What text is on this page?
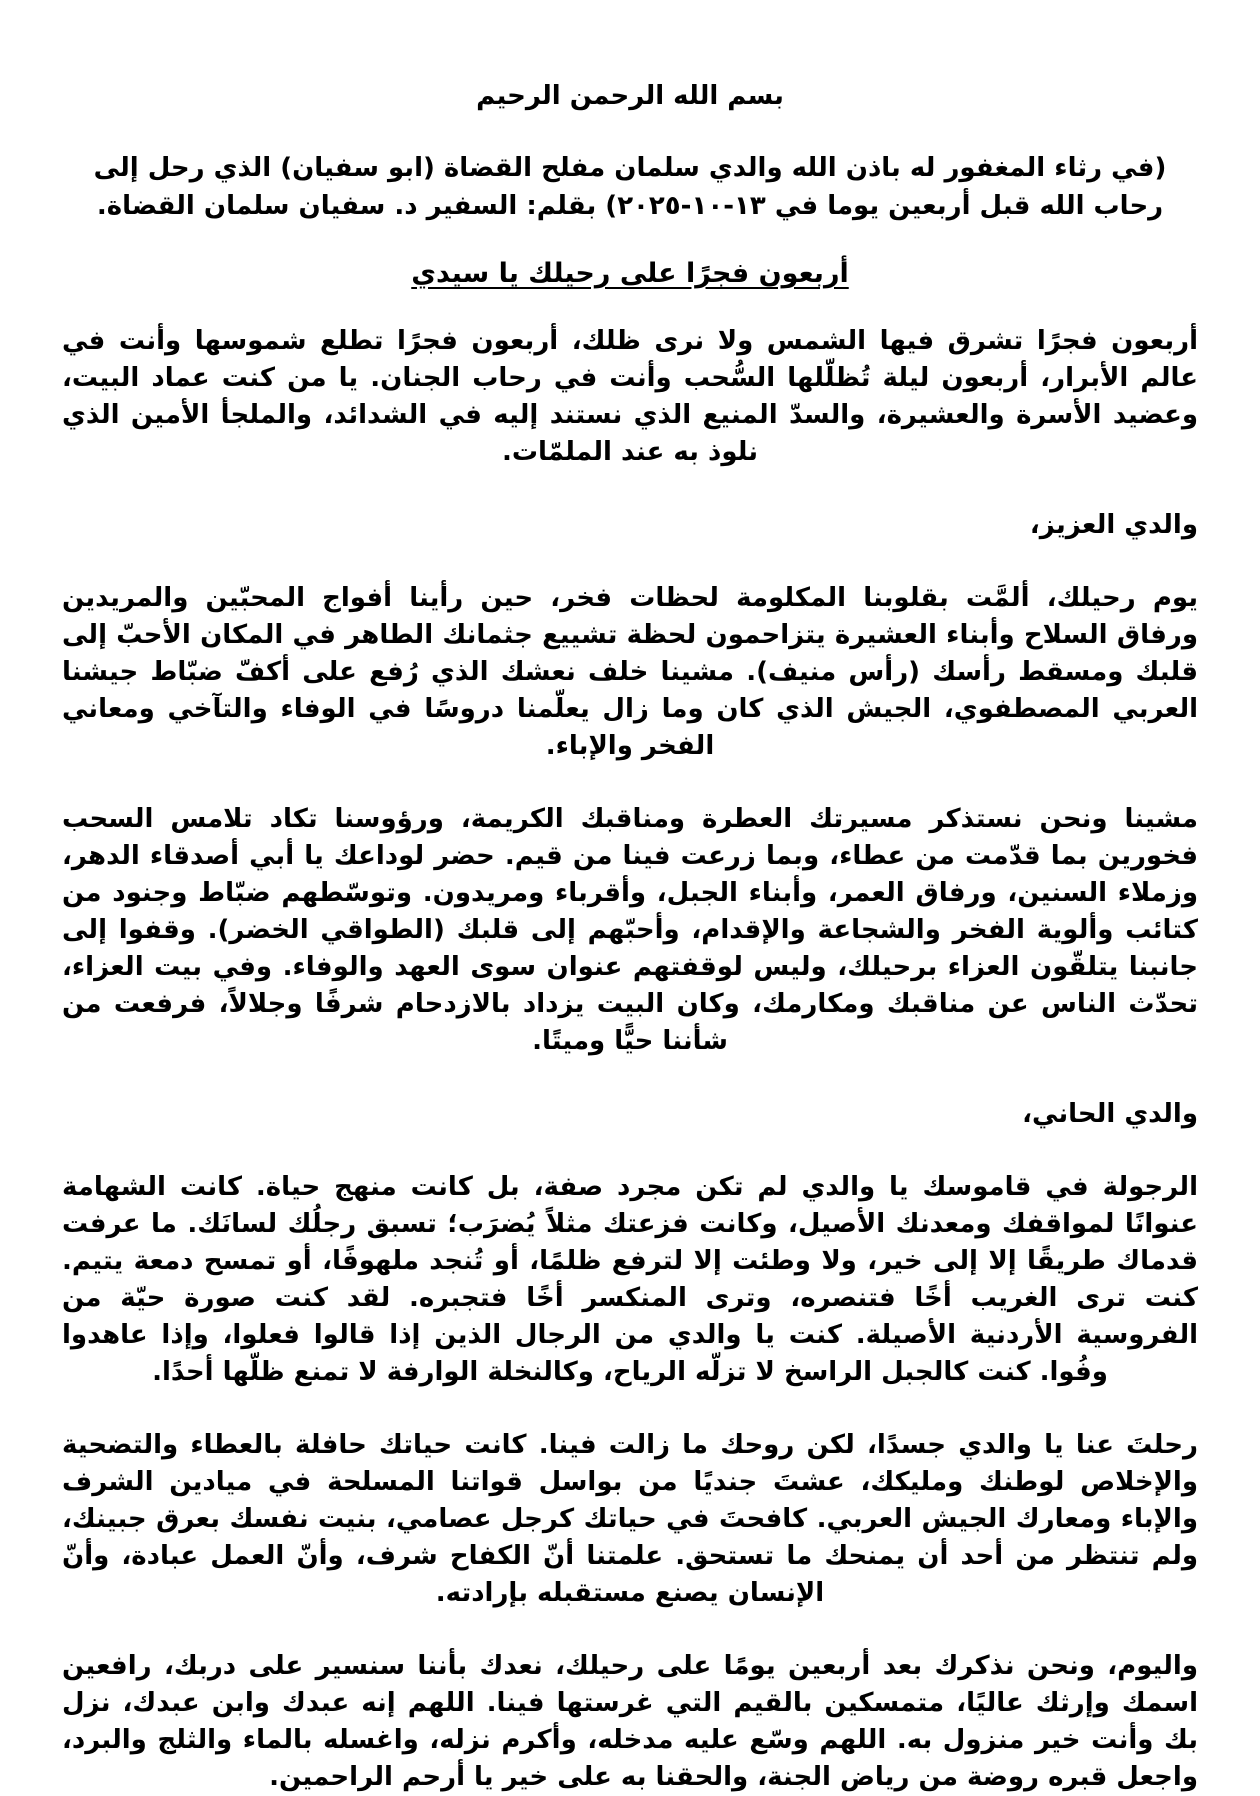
بسم الله الرحمن الرحيم

(في رثاء المغفور له باذن الله والدي سلمان مفلح القضاة (ابو سفيان) الذي رحل إلى رحاب الله قبل أربعين يوما في ١٣-١٠-٢٠٢٥) بقلم: السفير د. سفيان سلمان القضاة.

أربعون فجرًا على رحيلك يا سيدي

أربعون فجرًا تشرق فيها الشمس ولا نرى ظلك، أربعون فجرًا تطلع شموسها وأنت في عالم الأبرار، أربعون ليلة تُظلّلها السُّحب وأنت في رحاب الجنان. يا من كنت عماد البيت، وعضيد الأسرة والعشيرة، والسدّ المنيع الذي نستند إليه في الشدائد، والملجأ الأمين الذي نلوذ به عند الملمّات.

والدي العزيز،

يوم رحيلك، ألمَّت بقلوبنا المكلومة لحظات فخر، حين رأينا أفواج المحبّين والمريدين ورفاق السلاح وأبناء العشيرة يتزاحمون لحظة تشييع جثمانك الطاهر في المكان الأحبّ إلى قلبك ومسقط رأسك (رأس منيف). مشينا خلف نعشك الذي رُفع على أكفّ ضبّاط جيشنا العربي المصطفوي، الجيش الذي كان وما زال يعلّمنا دروسًا في الوفاء والتآخي ومعاني الفخر والإباء.

مشينا ونحن نستذكر مسيرتك العطرة ومناقبك الكريمة، ورؤوسنا تكاد تلامس السحب فخورين بما قدّمت من عطاء، وبما زرعت فينا من قيم. حضر لوداعك يا أبي أصدقاء الدهر، وزملاء السنين، ورفاق العمر، وأبناء الجبل، وأقرباء ومريدون. وتوسّطهم ضبّاط وجنود من كتائب وألوية الفخر والشجاعة والإقدام، وأحبّهم إلى قلبك (الطواقي الخضر). وقفوا إلى جانبنا يتلقّون العزاء برحيلك، وليس لوقفتهم عنوان سوى العهد والوفاء. وفي بيت العزاء، تحدّث الناس عن مناقبك ومكارمك، وكان البيت يزداد بالازدحام شرفًا وجلالاً، فرفعت من شأننا حيًّا وميتًا.

والدي الحاني،

الرجولة في قاموسك يا والدي لم تكن مجرد صفة، بل كانت منهج حياة. كانت الشهامة عنوانًا لمواقفك ومعدنك الأصيل، وكانت فزعتك مثلاً يُضرَب؛ تسبق رجلُك لسانَك. ما عرفت قدماك طريقًا إلا إلى خير، ولا وطئت إلا لترفع ظلمًا، أو تُنجد ملهوفًا، أو تمسح دمعة يتيم. كنت ترى الغريب أخًا فتنصره، وترى المنكسر أخًا فتجبره. لقد كنت صورة حيّة من الفروسية الأردنية الأصيلة. كنت يا والدي من الرجال الذين إذا قالوا فعلوا، وإذا عاهدوا وفُوا. كنت كالجبل الراسخ لا تزلّه الرياح، وكالنخلة الوارفة لا تمنع ظلّها أحدًا.

رحلتَ عنا يا والدي جسدًا، لكن روحك ما زالت فينا. كانت حياتك حافلة بالعطاء والتضحية والإخلاص لوطنك ومليكك، عشتَ جنديًا من بواسل قواتنا المسلحة في ميادين الشرف والإباء ومعارك الجيش العربي. كافحتَ في حياتك كرجل عصامي، بنيت نفسك بعرق جبينك، ولم تنتظر من أحد أن يمنحك ما تستحق. علمتنا أنّ الكفاح شرف، وأنّ العمل عبادة، وأنّ الإنسان يصنع مستقبله بإرادته.

واليوم، ونحن نذكرك بعد أربعين يومًا على رحيلك، نعدك بأننا سنسير على دربك، رافعين اسمك وإرثك عاليًا، متمسكين بالقيم التي غرستها فينا. اللهم إنه عبدك وابن عبدك، نزل بك وأنت خير منزول به. اللهم وسّع عليه مدخله، وأكرم نزله، واغسله بالماء والثلج والبرد، واجعل قبره روضة من رياض الجنة، والحقنا به على خير يا أرحم الراحمين.
